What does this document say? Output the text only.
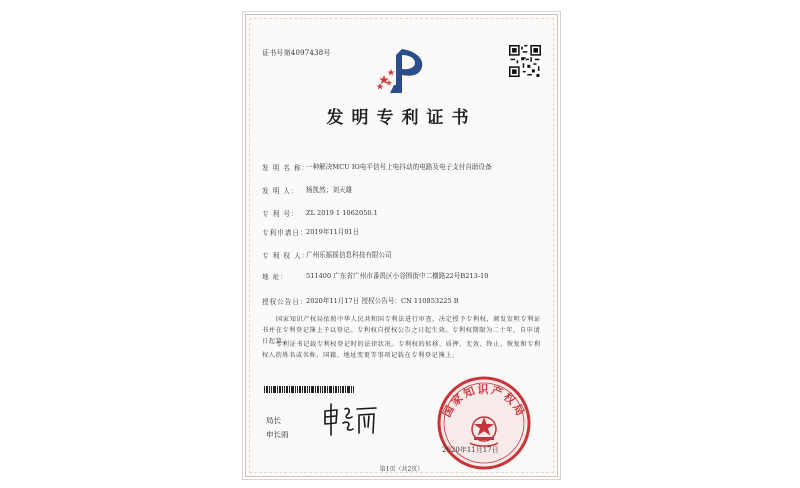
证书号第4097438号
发明专利证书
发 明 名 称：
一种解决MCU IO电平信号上电抖动的电路及电子支付自助设备
发 明 人：	杨凯然；刘天雄
专 利 号：	ZL 2019 1 1062050.1
专利申请日：
2019年11月01日
专 利 权 人：
广州乐摇摇信息科技有限公司
地 址：	511400 广东省广州市番禺区小谷围街中二横路22号B213-10
授权公告日：
2020年11月17日 授权公告号：CN 110853225 B
国家知识产权局依照中华人民共和国专利法进行审查，决定授予专利权，颁发发明专利证书并在专利登记簿上予以登记。专利权自授权公告之日起生效。专利权期限为二十年，自申请日起算。
专利证书记载专利权登记时的法律状况。专利权的转移、质押、无效、终止、恢复和专利权人的姓名或名称、国籍、地址变更等事项记载在专利登记簿上。
局长
申长雨
国家知识产权局
2020年11月17日
第1页（共2页）
